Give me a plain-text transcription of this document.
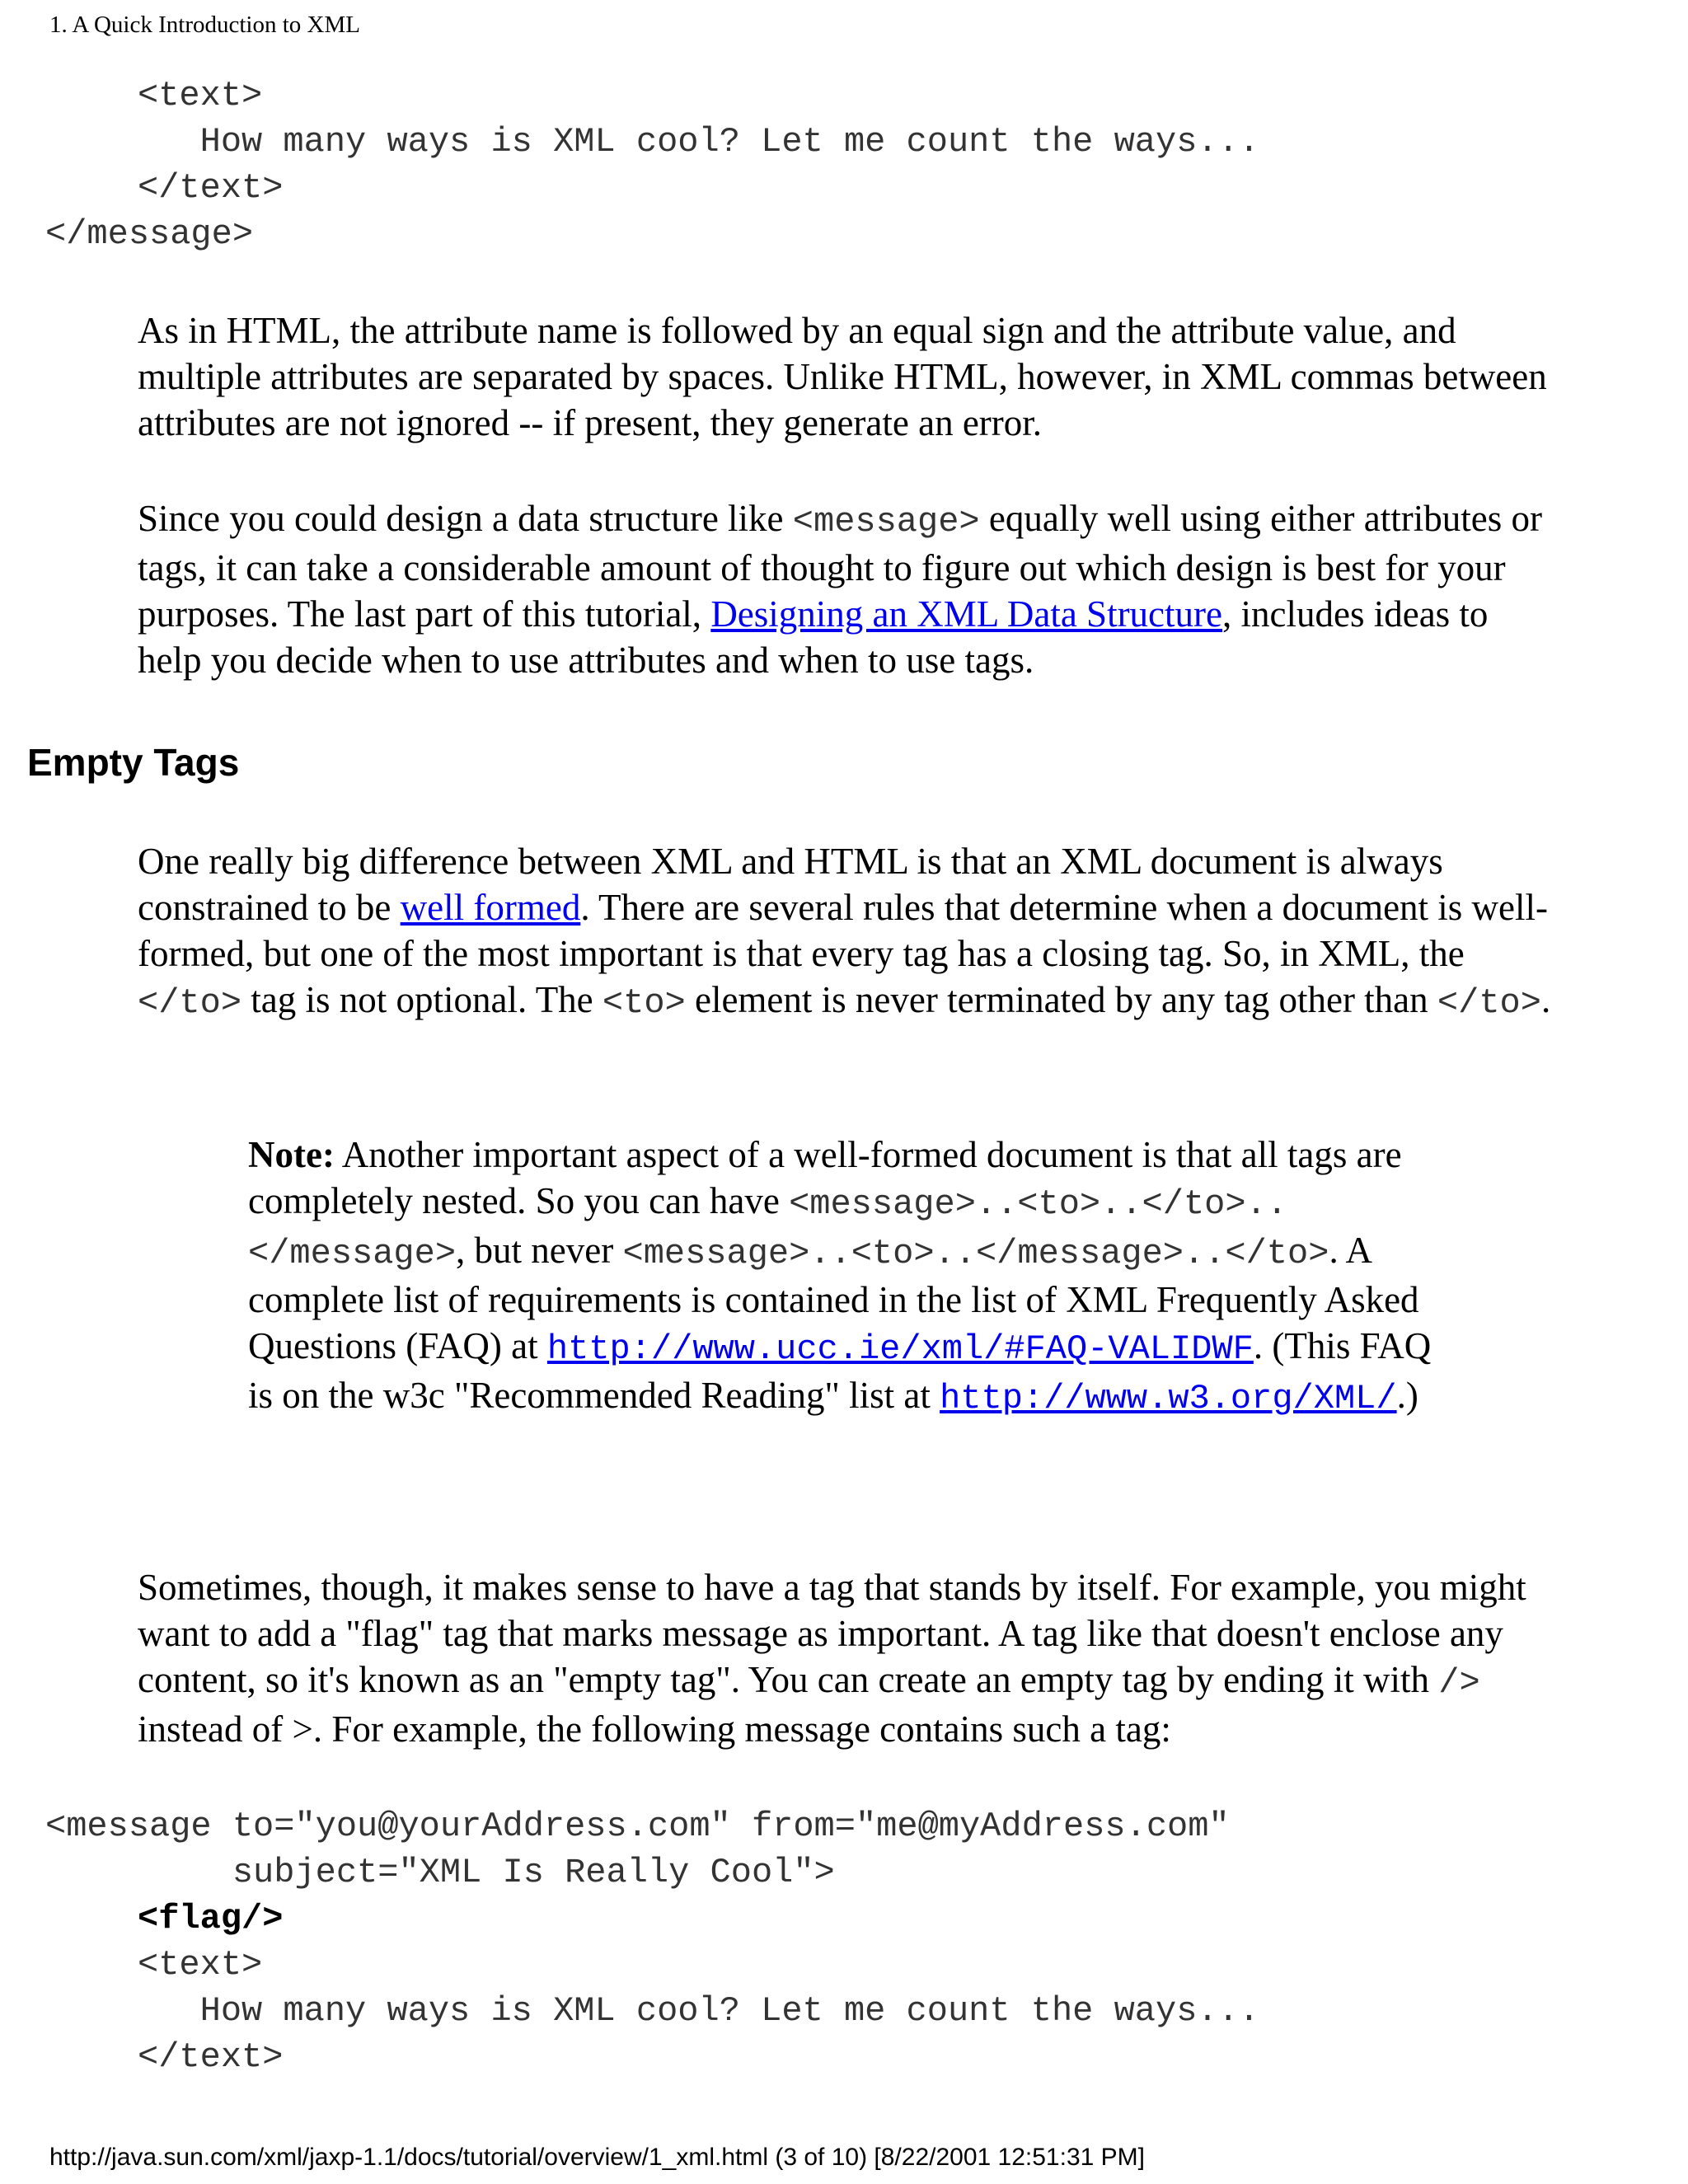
1. A Quick Introduction to XML
<text>
How many ways is XML cool? Let me count the ways...
</text>
</message>

As in HTML, the attribute name is followed by an equal sign and the attribute value, and multiple attributes are separated by spaces. Unlike HTML, however, in XML commas between attributes are not ignored -- if present, they generate an error.

Since you could design a data structure like <message> equally well using either attributes or tags, it can take a considerable amount of thought to figure out which design is best for your purposes. The last part of this tutorial, Designing an XML Data Structure, includes ideas to help you decide when to use attributes and when to use tags.

Empty Tags

One really big difference between XML and HTML is that an XML document is always constrained to be well formed. There are several rules that determine when a document is well-formed, but one of the most important is that every tag has a closing tag. So, in XML, the </to> tag is not optional. The <to> element is never terminated by any tag other than </to>.

Note: Another important aspect of a well-formed document is that all tags are completely nested. So you can have <message>..<to>..</to>..</message>, but never <message>..<to>..</message>..</to>. A complete list of requirements is contained in the list of XML Frequently Asked Questions (FAQ) at http://www.ucc.ie/xml/#FAQ-VALIDWF. (This FAQ is on the w3c "Recommended Reading" list at http://www.w3.org/XML/.)

Sometimes, though, it makes sense to have a tag that stands by itself. For example, you might want to add a "flag" tag that marks message as important. A tag like that doesn't enclose any content, so it's known as an "empty tag". You can create an empty tag by ending it with /> instead of >. For example, the following message contains such a tag:

<message to="you@yourAddress.com" from="me@myAddress.com"
subject="XML Is Really Cool">
<flag/>
<text>
How many ways is XML cool? Let me count the ways...
</text>
http://java.sun.com/xml/jaxp-1.1/docs/tutorial/overview/1_xml.html (3 of 10) [8/22/2001 12:51:31 PM]
